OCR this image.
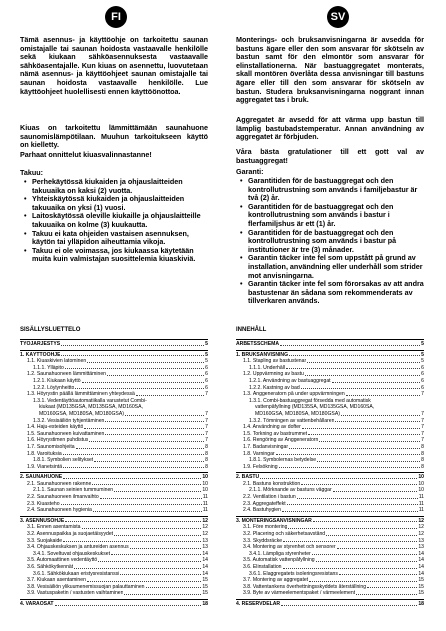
FI

Tämä asennus- ja käyttöohje on tarkoitettu saunan omistajalle tai saunan hoidosta vastaavalle henkilölle sekä kiukaan sähköasennuksesta vastaavalle sähköasentajalle. Kun kiuas on asennettu, luovutetaan nämä asennus- ja käyttöohjeet saunan omistajalle tai saunan hoidosta vastaavalle henkilölle. Lue käyttöohjeet huolellisesti ennen käyttöönottoa.

Kiuas on tarkoitettu lämmittämään saunahuone saunomislämpötilaan. Muuhun tarkoitukseen käyttö on kielletty.

Parhaat onnittelut kiuasvalinnastanne!

Takuu:
• Perhekäytössä kiukaiden ja ohjauslaitteiden takuuaika on kaksi (2) vuotta.
• Yhteiskäytössä kiukaiden ja ohjauslaitteiden takuuaika on yksi (1) vuosi.
• Laitoskäytössä oleville kiukaille ja ohjauslaitteille takuuaika on kolme (3) kuukautta.
• Takuu ei kata ohjeiden vastaisen asennuksen, käytön tai ylläpidon aiheuttamia vikoja.
• Takuu ei ole voimassa, jos kiukaassa käytetään muita kuin valmistajan suosittelemia kiuaskiviä.
SISÄLLYSLUETTELO
TYÖJÄRJESTYS	5
1. KÄYTTÖOHJE	5
1.1. Kiuaskivien latominen	5
1.1.1. Ylläpito	6
1.2. Saunahuoneen lämmittäminen	6
1.2.1. Kiukaan käyttö	6
1.2.2. Löylynheitto	6
1.3. Höyrystin päällä lämmittäminen yhteydessä	7
1.3.1. Vedentäyttöautomatiikalla varustetut Combi-
kiukaat (MD135GSA, MD135GSA, MD160SA,
MD160GSA, MD180SA, MD180GSA)	7
1.3.2. Vesisäiliön tyhjentäminen	7
1.4. Haju-esteiden käyttö	7
1.5. Saunahuoneen kuivattaminen	7
1.6. Höyrystimen puhdistus	7
1.7. Saunomisohjeita	8
1.8. Varoituksia	8
1.8.1. Symbolien selitykset	8
1.9. Vianetsintä	8
2. SAUNAHUONE	10
2.1. Saunahuoneen rakenne	10
2.1.1. Saunan seinien tummuminen	10
2.2. Saunahuoneen ilmanvaihto	11
2.3. Kiuasteho	11
2.4. Saunahuoneen hygienia	11
3. ASENNUSOHJE	12
3.1. Ennen asentamista	12
3.2. Asennuspaikka ja suojaetäisyydet	12
3.3. Suojakaide	13
3.4. Ohjauskeskuksen ja antureiden asennus	13
3.4.1. Soveltuvat ohjauskeskukset	14
3.5. Automaattinen vedentäyttö	14
3.6. Sähkökytkennät	14
3.6.1. Sähkökiukaan eristysresistanssi	14
3.7. Kiukaan asentaminen	15
3.8. Vesisäiliön ylikuumenemissuojan palauttaminen	15
3.9. Vastuspaketin / vastusten vaihtaminen	15
4. VARAOSAT	18
SV

Monterings- och bruksanvisningarna är avsedda för bastuns ägare eller den som ansvarar för skötseln av bastun samt för den elmontör som ansvarar för elinstallationerna. När bastuaggregatet monterats, skall montören överlåta dessa anvisningar till bastuns ägare eller till den som ansvarar för skötseln av bastun. Studera bruksanvisningarna noggrant innan aggregatet tas i bruk.

Aggregatet är avsedd för att värma upp bastun till lämplig bastubadstemperatur. Annan användning av aggregatet är förbjuden.

Våra bästa gratulationer till ett gott val av bastuaggregat!

Garanti:
• Garantitiden för de bastuaggregat och den kontrollutrustning som används i familjebastur är två (2) år.
• Garantitiden för de bastuaggregat och den kontrollutrustning som används i bastur i flerfamiljshus är ett (1) år.
• Garantitiden för de bastuaggregat och den kontrollutrustning som används i bastur på institutioner är tre (3) månader.
• Garantin täcker inte fel som uppstått på grund av installation, användning eller underhåll som strider mot anvisningarna.
• Garantin täcker inte fel som förorsakas av att andra bastustenar än sådana som rekommenderats av tillverkaren används.
INNEHÅLL
ARBETSSCHEMA	5
1. BRUKSANVISNING	5
1.1. Stapling av bastustenar	5
1.1.1. Underhåll	6
1.2. Uppvärmning av bastu	6
1.2.1. Användning av bastuaggregat	6
1.2.2. Kastning av bad	6
1.3. Ånggeneratorn på under uppvärmningen	7
1.3.1. Combi-bastuaggregat försedda med automatisk
vattenpåfyllning (MD135SA, MD135GSA, MD160SA,
MD160GSA, MD180SA, MD180GSA)	7
1.3.2. Tömningen av vattenbehållaren	7
1.4. Användning av dofter	7
1.5. Torkning av bastrummet	7
1.6. Rengöring av Ånggeneratorn	7
1.7. Badanvisningar	8
1.8. Varningar	8
1.8.1. Symbolernas betydelse	8
1.9. Felsökning	8
2. BASTU	10
2.1. Bastuns konstruktion	10
2.1.1. Mörknande av bastuns väggar	10
2.2. Ventilation i bastun	11
2.3. Aggregateffekt	11
2.4. Bastuhygien	11
3. MONTERINGSANVISNINGAR	12
3.1. Före montering	12
3.2. Placering och säkerhetsavstånd	12
3.3. Skyddsräcke	13
3.4. Montering av styrenhet och sensorer	13
3.4.1. Lämpliga styrenheter	14
3.5. Automatisk vattenpåfyllning	14
3.6. Elinstallation	14
3.6.1. Elaggregatets isoleringsresistans	14
3.7. Montering av aggregatet	15
3.8. Vattentankens överhettningsskyddets återställning	15
3.9. Byte av värmeelementspaket / värmeelement	15
4. RESERVDELAR	18
